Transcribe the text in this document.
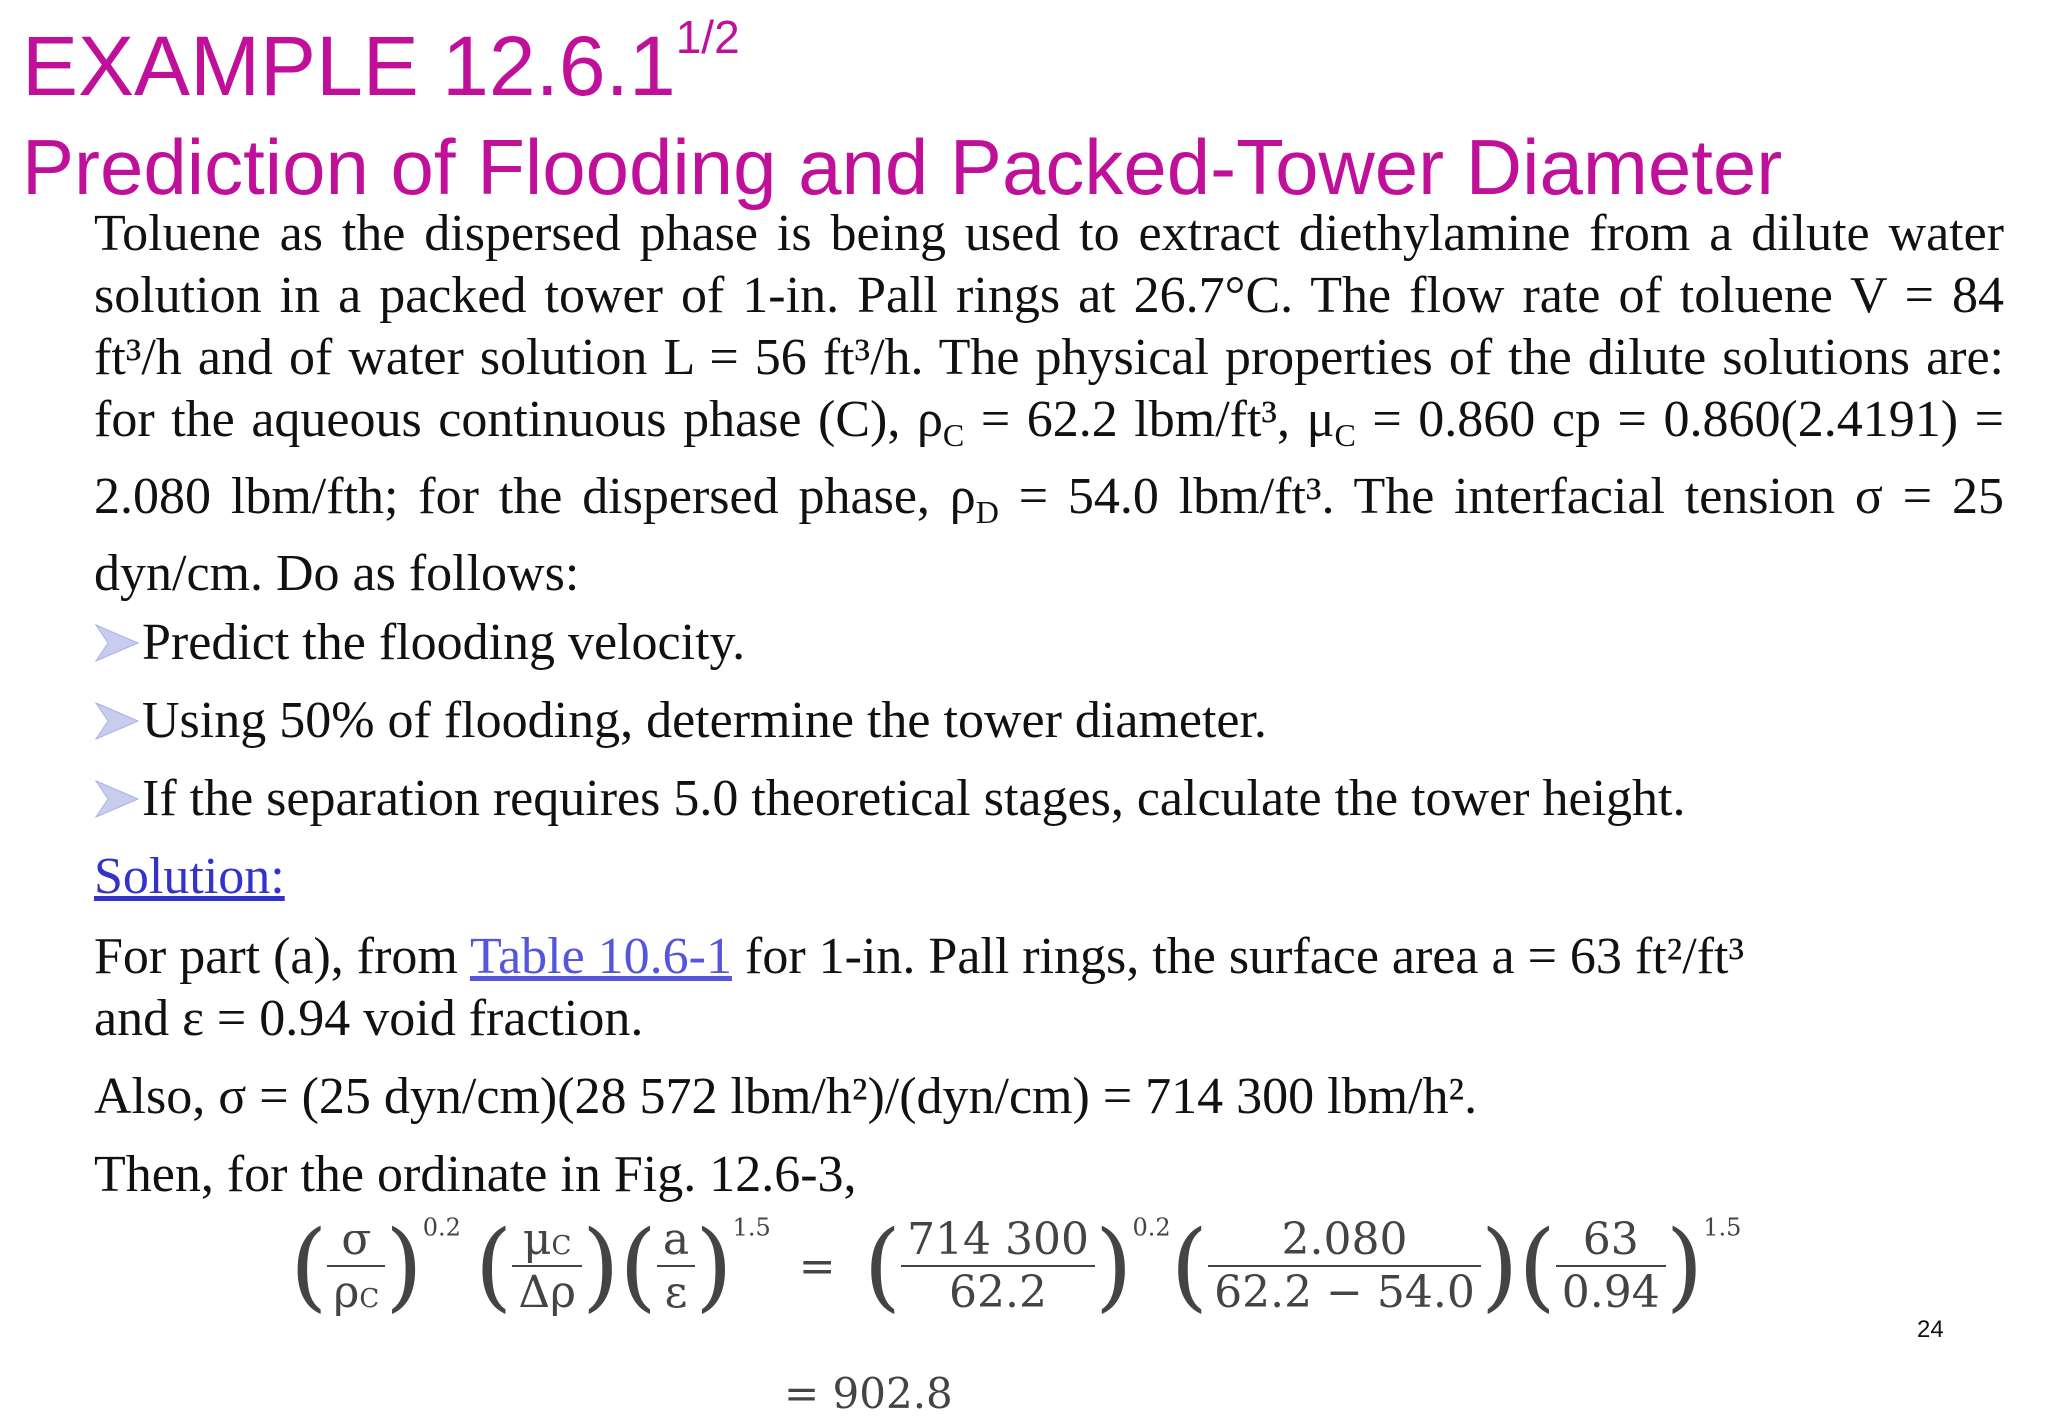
EXAMPLE $12.6.1^{1/2}$
Prediction of Flooding and Packed-Tower Diameter

Toluene as the dispersed phase is being used to extract diethylamine from a dilute water solution in a packed tower of 1-in. Pall rings at 26.7°C. The flow rate of toluene V = 84 ft³/h and of water solution L = 56 ft³/h. The physical properties of the dilute solutions are: for the aqueous continuous phase (C), $\rho_C = 62.2$ lbm/ft³, $\mu_C = 0.860$ cp = 0.860(2.4191) = 2.080 lbm/fth; for the dispersed phase, $\rho_D = 54.0$ lbm/ft³. The interfacial tension σ = 25 dyn/cm. Do as follows:

Predict the flooding velocity.
Using 50% of flooding, determine the tower diameter.
If the separation requires 5.0 theoretical stages, calculate the tower height.
Solution:
For part (a), from Table 10.6-1 for 1-in. Pall rings, the surface area a = 63 ft²/ft³
and ε = 0.94 void fraction.
Also, σ = (25 dyn/cm)(28 572 lbm/h²)/(dyn/cm) = 714 300 lbm/h².
Then, for the ordinate in Fig. 12.6-3,
( $\frac{\sigma}{\rho C} )^{0.2}$ ( $\frac{\mu C}{\Delta\rho}$ )( $\frac{a}{\varepsilon} )^{1.5}$ = ( $\frac{714 300}{62.2} )^{0.2}( \frac{2.080}{62.2 - 54.0}$ )( $\frac{63}{0.94} )^{1.5}$
= 902.8
24
